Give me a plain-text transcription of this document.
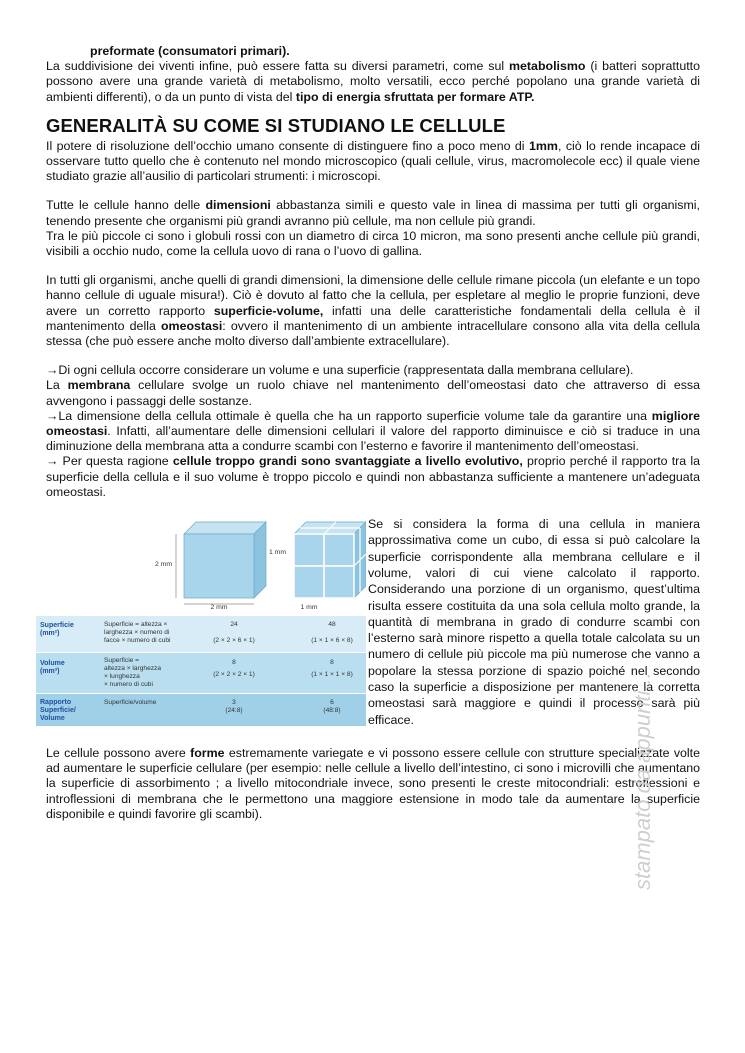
preformate (consumatori primari).

La suddivisione dei viventi infine, può essere fatta su diversi parametri, come sul metabolismo (i batteri soprattutto possono avere una grande varietà di metabolismo, molto versatili, ecco perché popolano una grande varietà di ambienti differenti), o da un punto di vista del tipo di energia sfruttata per formare ATP.

GENERALITÀ SU COME SI STUDIANO LE CELLULE

Il potere di risoluzione dell’occhio umano consente di distinguere fino a poco meno di 1mm, ciò lo rende incapace di osservare tutto quello che è contenuto nel mondo microscopico (quali cellule, virus, macromolecole ecc) il quale viene studiato grazie all’ausilio di particolari strumenti: i microscopi.

Tutte le cellule hanno delle dimensioni abbastanza simili e questo vale in linea di massima per tutti gli organismi, tenendo presente che organismi più grandi avranno più cellule, ma non cellule più grandi.

Tra le più piccole ci sono i globuli rossi con un diametro di circa 10 micron, ma sono presenti anche cellule più grandi, visibili a occhio nudo, come la cellula uovo di rana o l’uovo di gallina.

In tutti gli organismi, anche quelli di grandi dimensioni, la dimensione delle cellule rimane piccola (un elefante e un topo hanno cellule di uguale misura!). Ciò è dovuto al fatto che la cellula, per espletare al meglio le proprie funzioni, deve avere un corretto rapporto superficie-volume, infatti una delle caratteristiche fondamentali della cellula è il mantenimento della omeostasi: ovvero il mantenimento di un ambiente intracellulare consono alla vita della cellula stessa (che può essere anche molto diverso dall’ambiente extracellulare).

→Di ogni cellula occorre considerare un volume e una superficie (rappresentata dalla membrana cellulare).

La membrana cellulare svolge un ruolo chiave nel mantenimento dell’omeostasi dato che attraverso di essa avvengono i passaggi delle sostanze.

→La dimensione della cellula ottimale è quella che ha un rapporto superficie volume tale da garantire una migliore omeostasi. Infatti, all’aumentare delle dimensioni cellulari il valore del rapporto diminuisce e ciò si traduce in una diminuzione della membrana atta a condurre scambi con l’esterno e favorire il mantenimento dell’omeostasi.

→ Per questa ragione cellule troppo grandi sono svantaggiate a livello evolutivo, proprio perché il rapporto tra la superficie della cellula e il suo volume è troppo piccolo e quindi non abbastanza sufficiente a mantenere un’adeguata omeostasi.

2 mm
2 mm
1 mm
1 mm
Superficie
(mm²)
Superficie = altezza ×
larghezza × numero di
facce × numero di cubi
24
(2 × 2 × 6 × 1)
48
(1 × 1 × 6 × 8)
Volume
(mm³)
Superficie =
altezza × larghezza
× lunghezza
× numero di cubi
8
(2 × 2 × 2 × 1)
8
(1 × 1 × 1 × 8)
Rapporto
Superficie/
Volume
Superficie/volume	3
(24:8)
6
(48:8)

Se si considera la forma di una cellula in maniera approssimativa come un cubo, di essa si può calcolare la superficie corrispondente alla membrana cellulare e il volume, valori di cui viene calcolato il rapporto. Considerando una porzione di un organismo, quest’ultima risulta essere costituita da una sola cellula molto grande, la quantità di membrana in grado di condurre scambi con l’esterno sarà minore rispetto a quella totale calcolata su un numero di cellule più piccole ma più numerose che vanno a popolare la stessa porzione di spazio poiché nel secondo caso la superficie a disposizione per mantenere la corretta omeostasi sarà maggiore e quindi il processo sarà più efficace.

Le cellule possono avere forme estremamente variegate e vi possono essere cellule con strutture specializzate volte ad aumentare le superficie cellulare (per esempio: nelle cellule a livello dell’intestino, ci sono i microvilli che aumentano la superficie di assorbimento ; a livello mitocondriale invece, sono presenti le creste mitocondriali: estroflessioni e introflessioni di membrana che le permettono una maggiore estensione in modo tale da aumentare la superficie disponibile e quindi favorire gli scambi).	stampato da appunti...
